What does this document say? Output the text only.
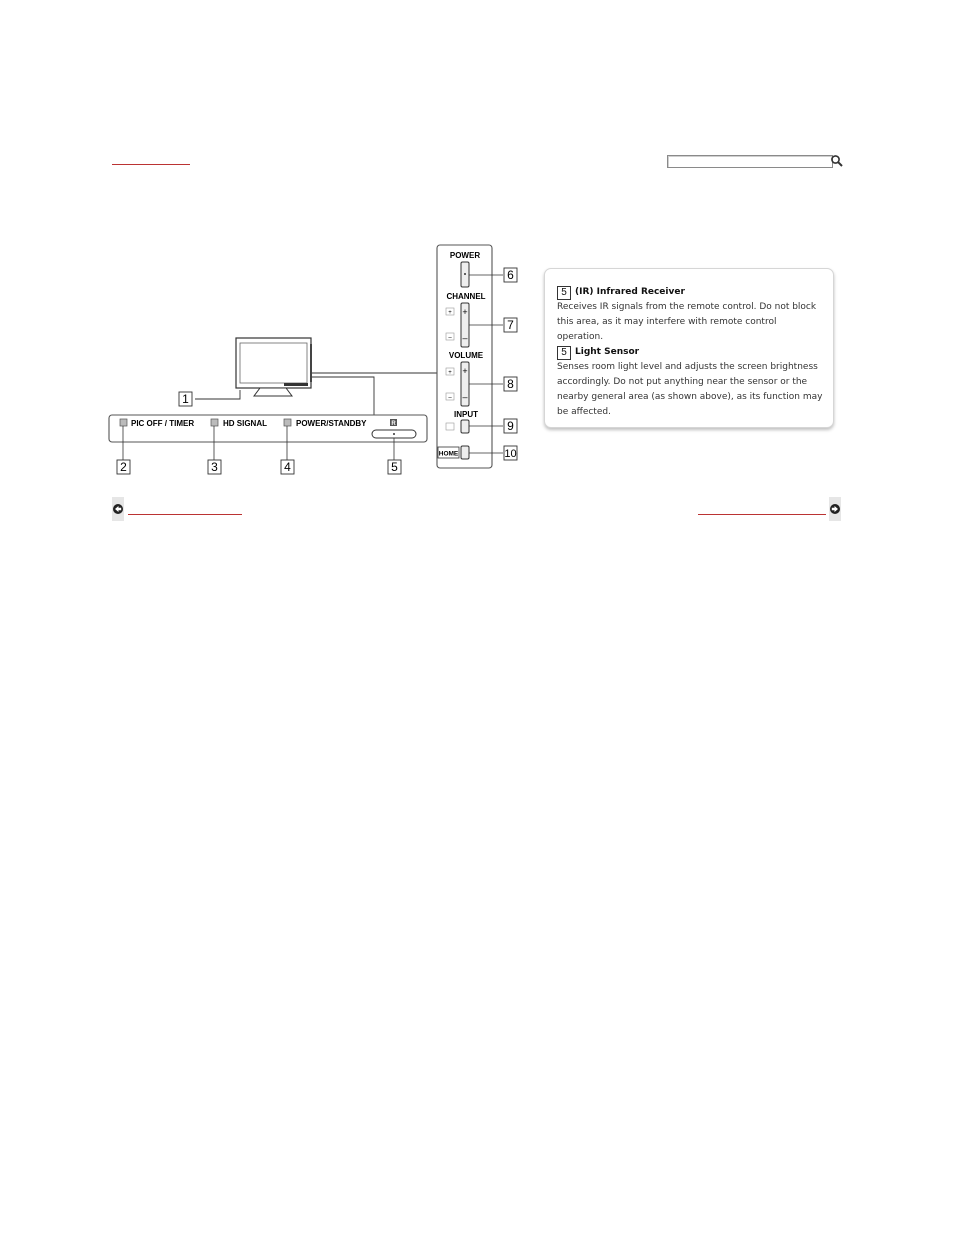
1
PIC OFF / TIMER	HD SIGNAL	POWER/STANDBY	R
2	3	4	5
POWER
CHANNEL
+
–
+
–
VOLUME
+
–
+
–
INPUT
HOME
6
7
8
9
10
5 (IR) Infrared Receiver

Receives IR signals from the remote control. Do not block this area, as it may interfere with remote control operation.

5 Light Sensor

Senses room light level and adjusts the screen brightness accordingly. Do not put anything near the sensor or the nearby general area (as shown above), as its function may be affected.
